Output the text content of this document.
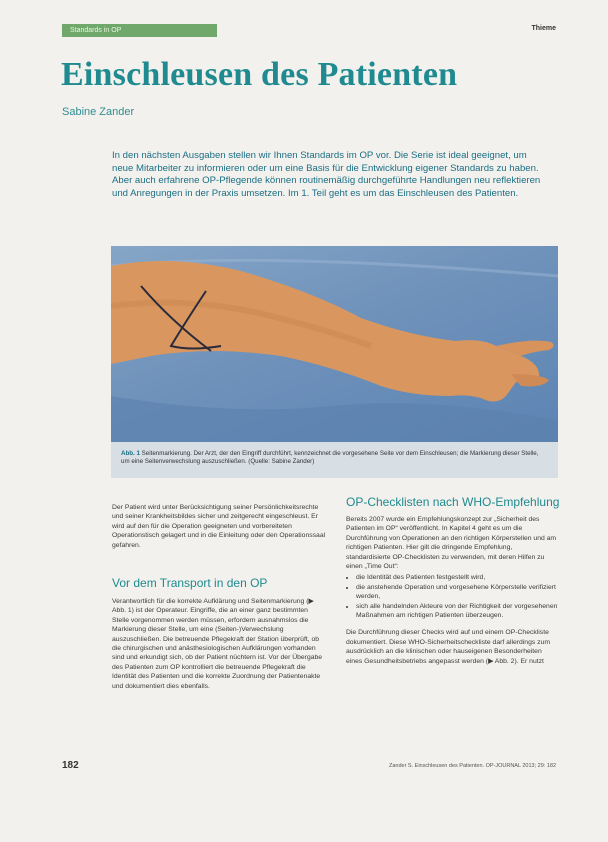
Standards in OP	Thieme
Einschleusen des Patienten
Sabine Zander
In den nächsten Ausgaben stellen wir Ihnen Standards im OP vor. Die Serie ist ideal geeignet, um neue Mitarbeiter zu informieren oder um eine Basis für die Entwicklung eigener Standards zu haben. Aber auch erfahrene OP-Pflegende können routinemäßig durchgeführte Handlungen neu reflektieren und Anregungen in der Praxis umsetzen. Im 1. Teil geht es um das Einschleusen des Patienten.
Abb. 1 Seitenmarkierung. Der Arzt, der den Eingriff durchführt, kennzeichnet die vorgesehene Seite vor dem Einschleusen; die Markierung dieser Stelle, um eine Seitenverwechslung auszuschließen. (Quelle: Sabine Zander)

Der Patient wird unter Berücksichtigung seiner Persönlichkeitsrechte und seiner Krankheitsbildes sicher und zeitgerecht eingeschleust. Er wird auf den für die Operation geeigneten und vorbereiteten Operationstisch gelagert und in die Einleitung oder den Operationssaal gefahren.

Vor dem Transport in den OP

Verantwortlich für die korrekte Aufklärung und Seitenmarkierung (▶ Abb. 1) ist der Operateur. Eingriffe, die an einer ganz bestimmten Stelle vorgenommen werden müssen, erfordern ausnahmslos die Markierung dieser Stelle, um eine (Seiten-)Verwechslung auszuschließen. Die betreuende Pflegekraft der Station überprüft, ob die chirurgischen und anästhesiologischen Aufklärungen vorhanden sind und erkundigt sich, ob der Patient nüchtern ist. Vor der Übergabe des Patienten zum OP kontrolliert die betreuende Pflegekraft die Identität des Patienten und die korrekte Zuordnung der Patientenakte und dokumentiert dies ebenfalls.

OP-Checklisten nach WHO-Empfehlung

Bereits 2007 wurde ein Empfehlungskonzept zur „Sicherheit des Patienten im OP“ veröffentlicht. In Kapitel 4 geht es um die Durchführung von Operationen an den richtigen Körperstellen und am richtigen Patienten. Hier gilt die dringende Empfehlung, standardisierte OP-Checklisten zu verwenden, mit deren Hilfen zu einen „Time Out“:

• die Identität des Patienten festgestellt wird,
• die anstehende Operation und vorgesehene Körperstelle verifiziert werden,
• sich alle handelnden Akteure von der Richtigkeit der vorgesehenen Maßnahmen am richtigen Patienten überzeugen.

Die Durchführung dieser Checks wird auf und einem OP-Checkliste dokumentiert. Diese WHO-Sicherheitscheckliste darf allerdings zum ausdrücklich an die klinischen oder hauseigenen Besonderheiten eines Gesundheitsbetriebs angepasst werden (▶ Abb. 2). Er nutzt

182	Zander S. Einschleusen des Patienten. OP-JOURNAL 2013; 29: 182
